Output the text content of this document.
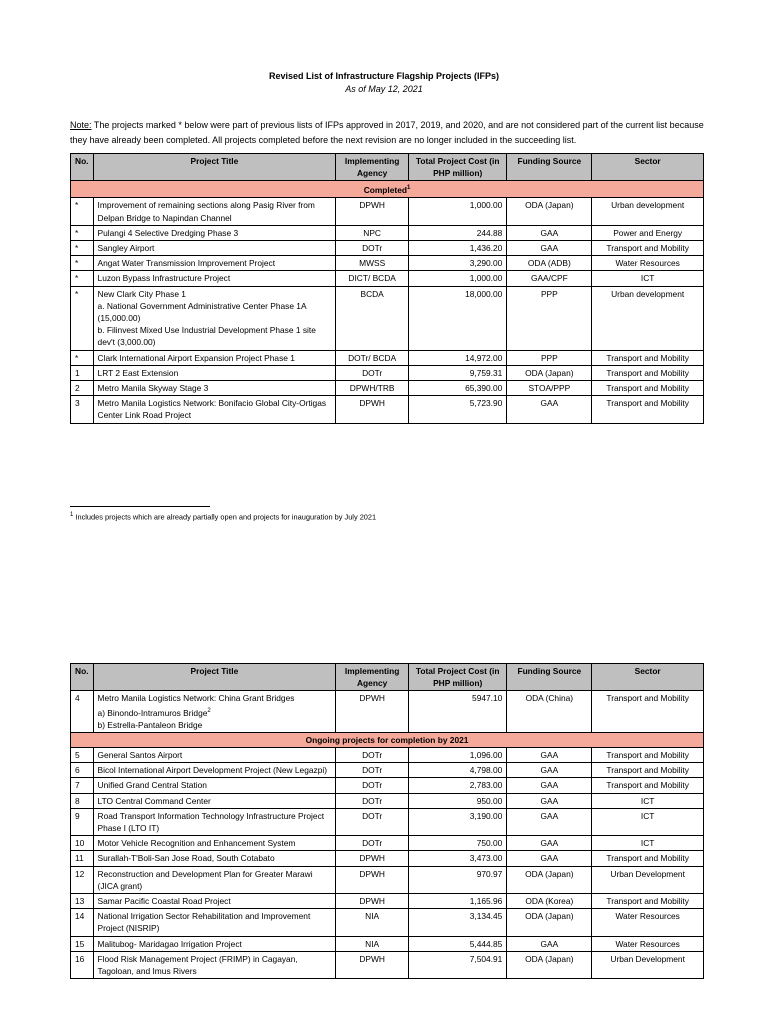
Revised List of Infrastructure Flagship Projects (IFPs)
As of May 12, 2021
Note: The projects marked * below were part of previous lists of IFPs approved in 2017, 2019, and 2020, and are not considered part of the current list because they have already been completed. All projects completed before the next revision are no longer included in the succeeding list.
No.	Project Title	Implementing Agency	Total Project Cost (in PHP million)	Funding Source	Sector
Completed$^1$
*	Improvement of remaining sections along Pasig River from Delpan Bridge to Napindan Channel	DPWH	1,000.00	ODA (Japan)	Urban development
*	Pulangi 4 Selective Dredging Phase 3	NPC	244.88	GAA	Power and Energy
*	Sangley Airport	DOTr	1,436.20	GAA	Transport and Mobility
*	Angat Water Transmission Improvement Project	MWSS	3,290.00	ODA (ADB)	Water Resources
*	Luzon Bypass Infrastructure Project	DICT/ BCDA	1,000.00	GAA/CPF	ICT
*	New Clark City Phase 1
a. National Government Administrative Center Phase 1A (15,000.00)
b. Filinvest Mixed Use Industrial Development Phase 1 site dev't (3,000.00)	BCDA	18,000.00	PPP	Urban development
*	Clark International Airport Expansion Project Phase 1	DOTr/ BCDA	14,972.00	PPP	Transport and Mobility
1	LRT 2 East Extension	DOTr	9,759.31	ODA (Japan)	Transport and Mobility
2	Metro Manila Skyway Stage 3	DPWH/TRB	65,390.00	STOA/PPP	Transport and Mobility
3	Metro Manila Logistics Network: Bonifacio Global City-Ortigas Center Link Road Project	DPWH	5,723.90	GAA	Transport and Mobility
$^1$ Includes projects which are already partially open and projects for inauguration by July 2021
No.	Project Title	Implementing Agency	Total Project Cost (in PHP million)	Funding Source	Sector
4	Metro Manila Logistics Network: China Grant Bridges
a) Binondo-Intramuros Bridge$^2$
b) Estrella-Pantaleon Bridge	DPWH	5947.10	ODA (China)	Transport and Mobility
Ongoing projects for completion by 2021					
5	General Santos Airport	DOTr	1,096.00	GAA	Transport and Mobility
6	Bicol International Airport Development Project (New Legazpi)	DOTr	4,798.00	GAA	Transport and Mobility
7	Unified Grand Central Station	DOTr	2,783.00	GAA	Transport and Mobility
8	LTO Central Command Center	DOTr	950.00	GAA	ICT
9	Road Transport Information Technology Infrastructure Project Phase I (LTO IT)	DOTr	3,190.00	GAA	ICT
10	Motor Vehicle Recognition and Enhancement System	DOTr	750.00	GAA	ICT
11	Surallah-T'Boli-San Jose Road, South Cotabato	DPWH	3,473.00	GAA	Transport and Mobility
12	Reconstruction and Development Plan for Greater Marawi (JICA grant)	DPWH	970.97	ODA (Japan)	Urban Development
13	Samar Pacific Coastal Road Project	DPWH	1,165.96	ODA (Korea)	Transport and Mobility
14	National Irrigation Sector Rehabilitation and Improvement Project (NISRIP)	NIA	3,134.45	ODA (Japan)	Water Resources
15	Malitubog- Maridagao Irrigation Project	NIA	5,444.85	GAA	Water Resources
16	Flood Risk Management Project (FRIMP) in Cagayan, Tagoloan, and Imus Rivers	DPWH	7,504.91	ODA (Japan)	Urban Development
